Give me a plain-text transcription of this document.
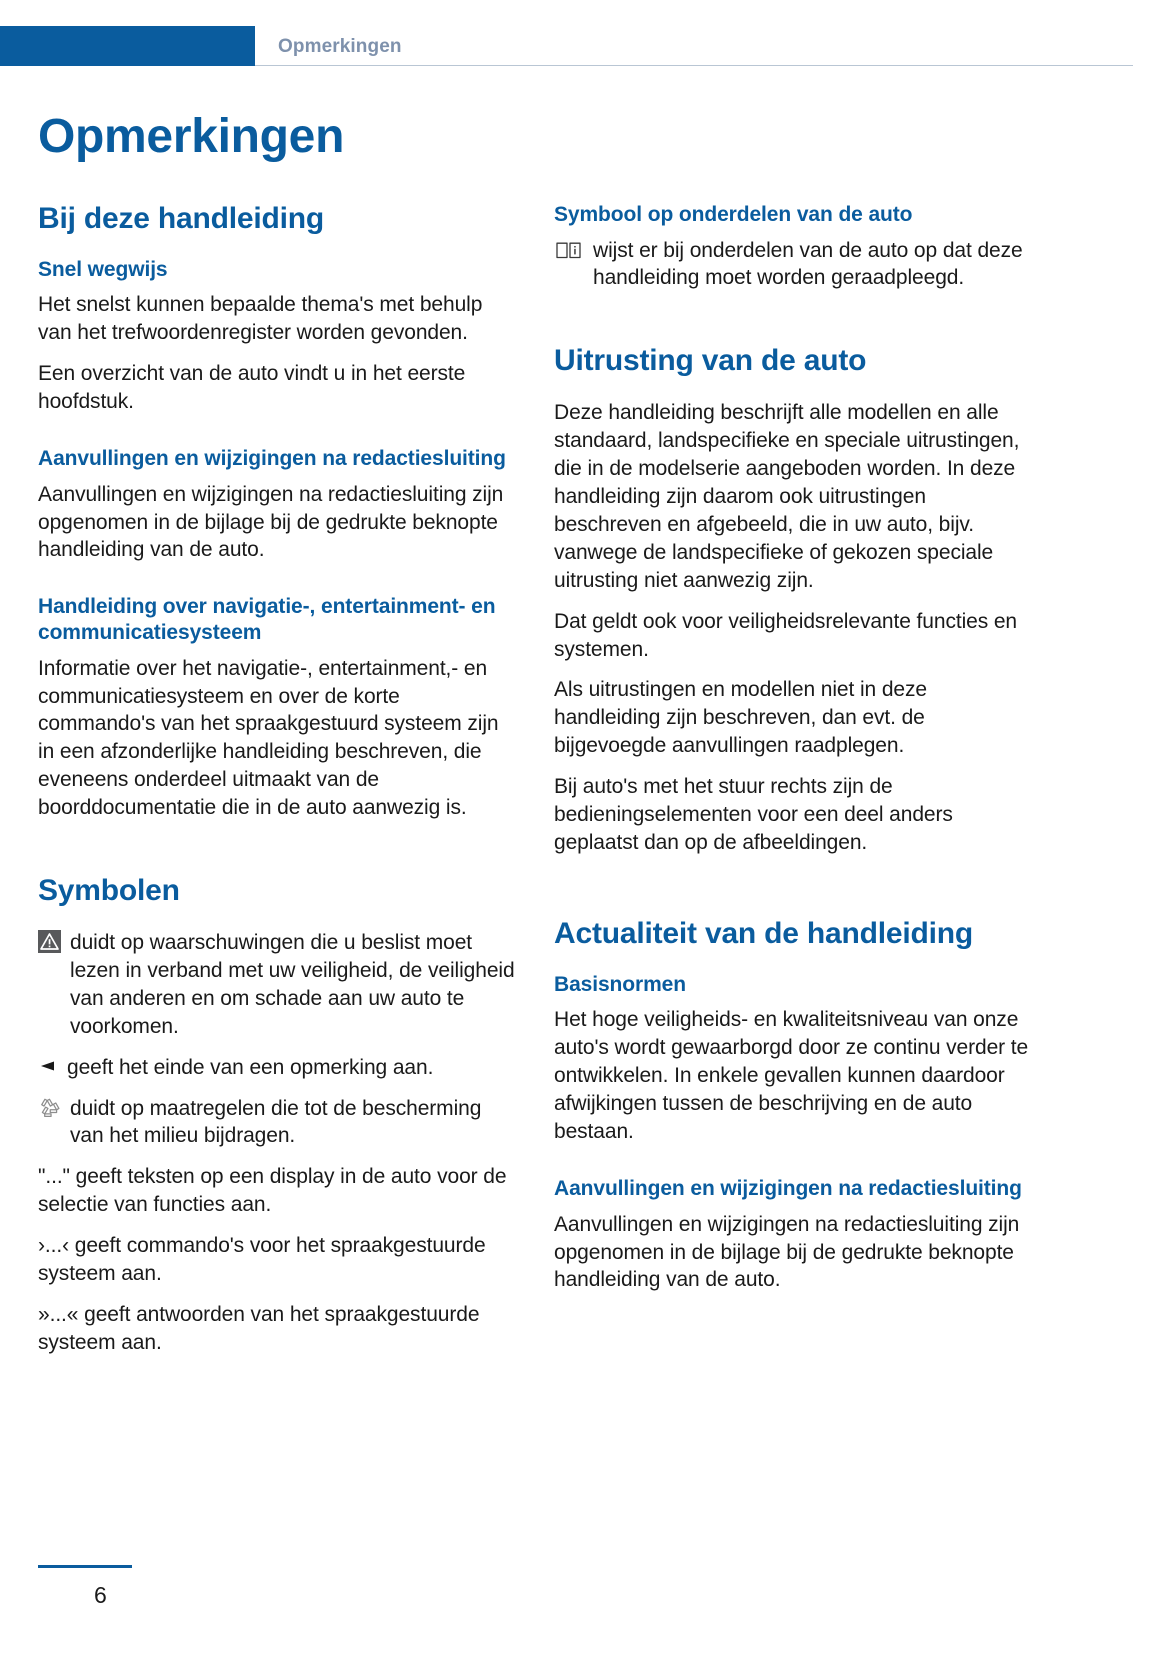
Opmerkingen
Opmerkingen
Bij deze handleiding
Snel wegwijs

Het snelst kunnen bepaalde thema's met behulp van het trefwoordenregister worden gevonden.

Een overzicht van de auto vindt u in het eerste hoofdstuk.

Aanvullingen en wijzigingen na redactiesluiting

Aanvullingen en wijzigingen na redactiesluiting zijn opgenomen in de bijlage bij de gedrukte beknopte handleiding van de auto.

Handleiding over navigatie-, entertainment- en communicatiesysteem

Informatie over het navigatie-, entertainment,- en communicatiesysteem en over de korte commando's van het spraakgestuurd systeem zijn in een afzonderlijke handleiding beschreven, die eveneens onderdeel uitmaakt van de boorddocumentatie die in de auto aanwezig is.

Symbolen
duidt op waarschuwingen die u beslist moet lezen in verband met uw veiligheid, de veiligheid van anderen en om schade aan uw auto te voorkomen.
geeft het einde van een opmerking aan.
duidt op maatregelen die tot de bescherming van het milieu bijdragen.

"..." geeft teksten op een display in de auto voor de selectie van functies aan.

›...‹ geeft commando's voor het spraakgestuurde systeem aan.

»...« geeft antwoorden van het spraakgestuurde systeem aan.

Symbool op onderdelen van de auto
wijst er bij onderdelen van de auto op dat deze handleiding moet worden geraadpleegd.
Uitrusting van de auto

Deze handleiding beschrijft alle modellen en alle standaard, landspecifieke en speciale uitrustingen, die in de modelserie aangeboden worden. In deze handleiding zijn daarom ook uitrustingen beschreven en afgebeeld, die in uw auto, bijv. vanwege de landspecifieke of gekozen speciale uitrusting niet aanwezig zijn.

Dat geldt ook voor veiligheidsrelevante functies en systemen.

Als uitrustingen en modellen niet in deze handleiding zijn beschreven, dan evt. de bijgevoegde aanvullingen raadplegen.

Bij auto's met het stuur rechts zijn de bedieningselementen voor een deel anders geplaatst dan op de afbeeldingen.

Actualiteit van de handleiding
Basisnormen

Het hoge veiligheids- en kwaliteitsniveau van onze auto's wordt gewaarborgd door ze continu verder te ontwikkelen. In enkele gevallen kunnen daardoor afwijkingen tussen de beschrijving en de auto bestaan.

Aanvullingen en wijzigingen na redactiesluiting

Aanvullingen en wijzigingen na redactiesluiting zijn opgenomen in de bijlage bij de gedrukte beknopte handleiding van de auto.

6
